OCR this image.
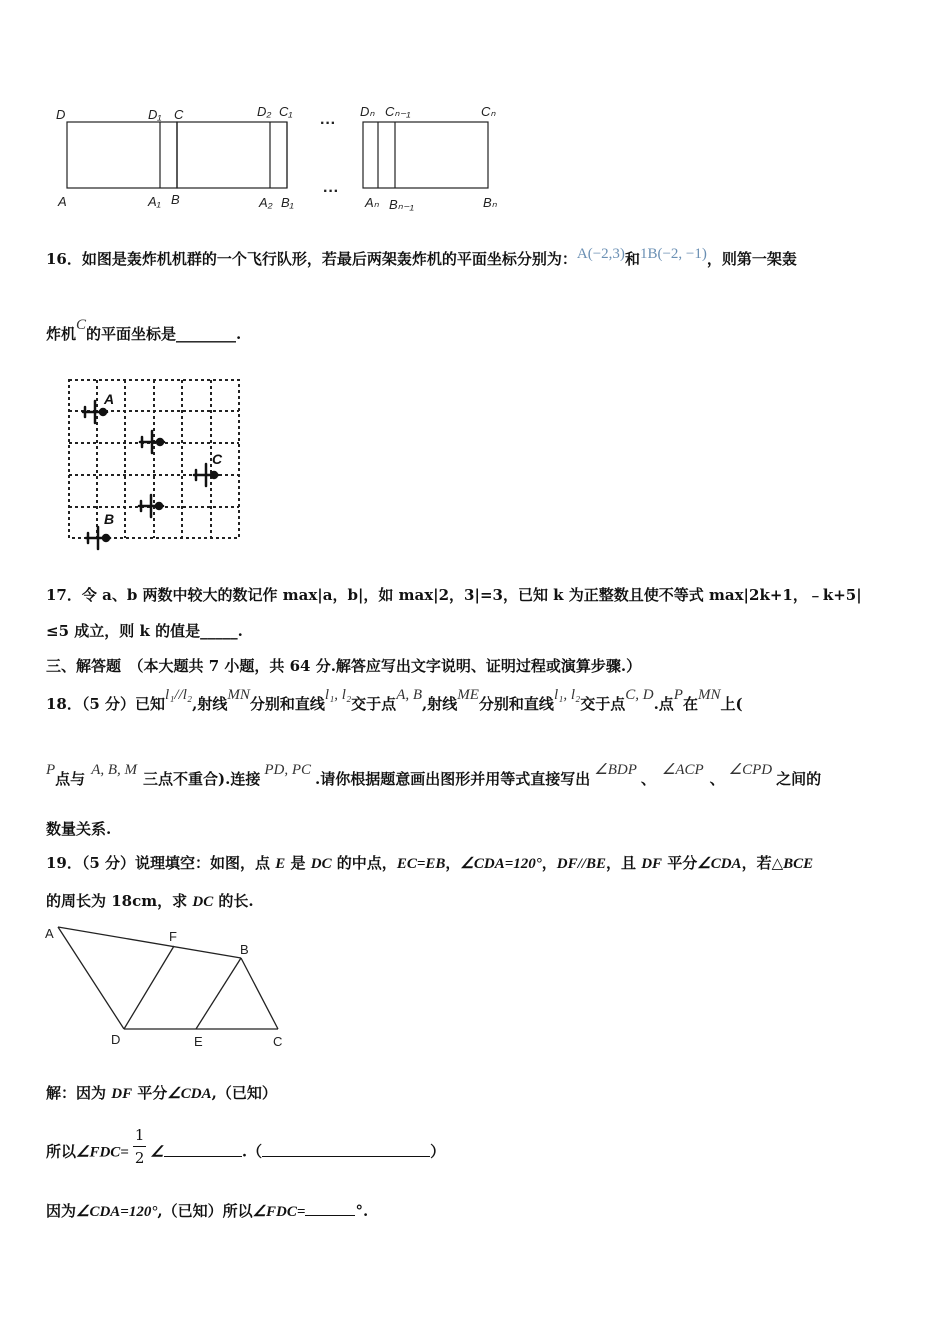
D	D₁ C	D₂ C₁	Dₙ Cₙ₋₁	Cₙ
A	A₁ B	A₂ B₁	Aₙ Bₙ₋₁	Bₙ
···
···
16．如图是轰炸机机群的一个飞行队形，若最后两架轰炸机的平面坐标分别为：A(−2,3)和1B(−2, −1)，则第一架轰
炸机C的平面坐标是________.
A
B
C
17．令 a、b 两数中较大的数记作 max|a，b|，如 max|2，3|=3，已知 k 为正整数且使不等式 max|2k+1，﹣k+5|
≤5 成立，则 k 的值是_____.
三、解答题　（本大题共 7 小题，共 64 分.解答应写出文字说明、证明过程或演算步骤.）
18．（5 分）已知l₁//l₂,射线MN分别和直线l₁, l₂交于点A, B,射线ME分别和直线l₁, l₂交于点C, D.点P在MN上(
P点与 A, B, M 三点不重合).连接 PD, PC .请你根据题意画出图形并用等式直接写出 ∠BDP 、 ∠ACP 、 ∠CPD 之间的
数量关系.
19．（5 分）说理填空：如图，点 E 是 DC 的中点，EC=EB，∠CDA=120°，DF//BE，且 DF 平分∠CDA，若△BCE
的周长为 18cm，求 DC 的长.
A	F
B
D	E	C
解：因为 DF 平分∠CDA,（已知）
所以∠FDC= $\frac{1}{2}$ ∠	.（	）
因为∠CDA=120°,（已知）所以∠FDC=	°.
